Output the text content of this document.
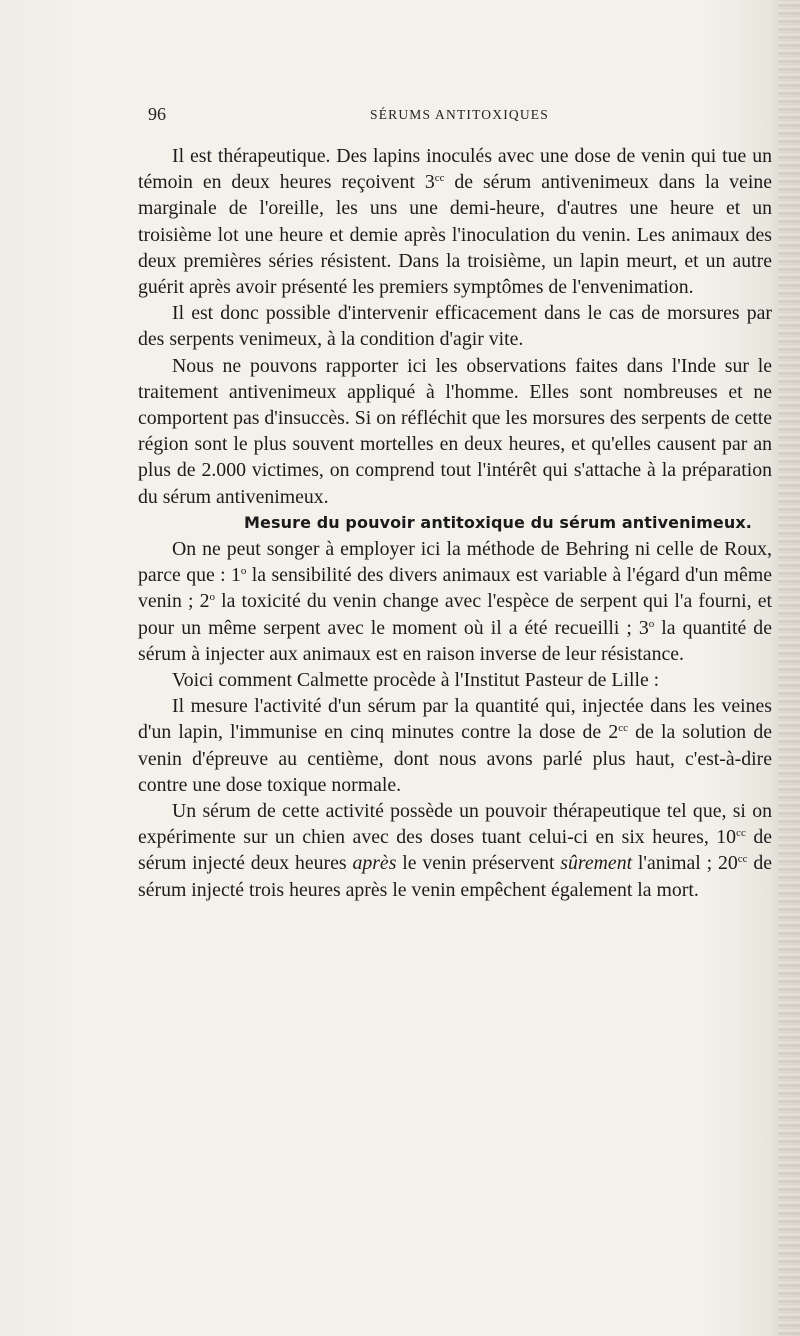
96	SÉRUMS ANTITOXIQUES

Il est thérapeutique. Des lapins inoculés avec une dose de venin qui tue un témoin en deux heures reçoivent $3^{cc}$ de sérum antivenimeux dans la veine marginale de l'oreille, les uns une demi-heure, d'autres une heure et un troisième lot une heure et demie après l'inoculation du venin. Les animaux des deux premières séries résistent. Dans la troisième, un lapin meurt, et un autre guérit après avoir présenté les premiers symptômes de l'envenimation.

Il est donc possible d'intervenir efficacement dans le cas de morsures par des serpents venimeux, à la condition d'agir vite.

Nous ne pouvons rapporter ici les observations faites dans l'Inde sur le traitement antivenimeux appliqué à l'homme. Elles sont nombreuses et ne comportent pas d'insuccès. Si on réfléchit que les morsures des serpents de cette région sont le plus souvent mortelles en deux heures, et qu'elles causent par an plus de 2.000 victimes, on comprend tout l'intérêt qui s'attache à la préparation du sérum antivenimeux.

Mesure du pouvoir antitoxique du sérum antivenimeux.

On ne peut songer à employer ici la méthode de Behring ni celle de Roux, parce que : 1$^o$ la sensibilité des divers animaux est variable à l'égard d'un même venin ; 2$^o$ la toxicité du venin change avec l'espèce de serpent qui l'a fourni, et pour un même serpent avec le moment où il a été recueilli ; 3$^o$ la quantité de sérum à injecter aux animaux est en raison inverse de leur résistance.

Voici comment Calmette procède à l'Institut Pasteur de Lille :

Il mesure l'activité d'un sérum par la quantité qui, injectée dans les veines d'un lapin, l'immunise en cinq minutes contre la dose de $2^{cc}$ de la solution de venin d'épreuve au centième, dont nous avons parlé plus haut, c'est-à-dire contre une dose toxique normale.

Un sérum de cette activité possède un pouvoir thérapeutique tel que, si on expérimente sur un chien avec des doses tuant celui-ci en six heures, $10^{cc}$ de sérum injecté deux heures après le venin préservent sûrement l'animal ; $20^{cc}$ de sérum injecté trois heures après le venin empêchent également la mort.
